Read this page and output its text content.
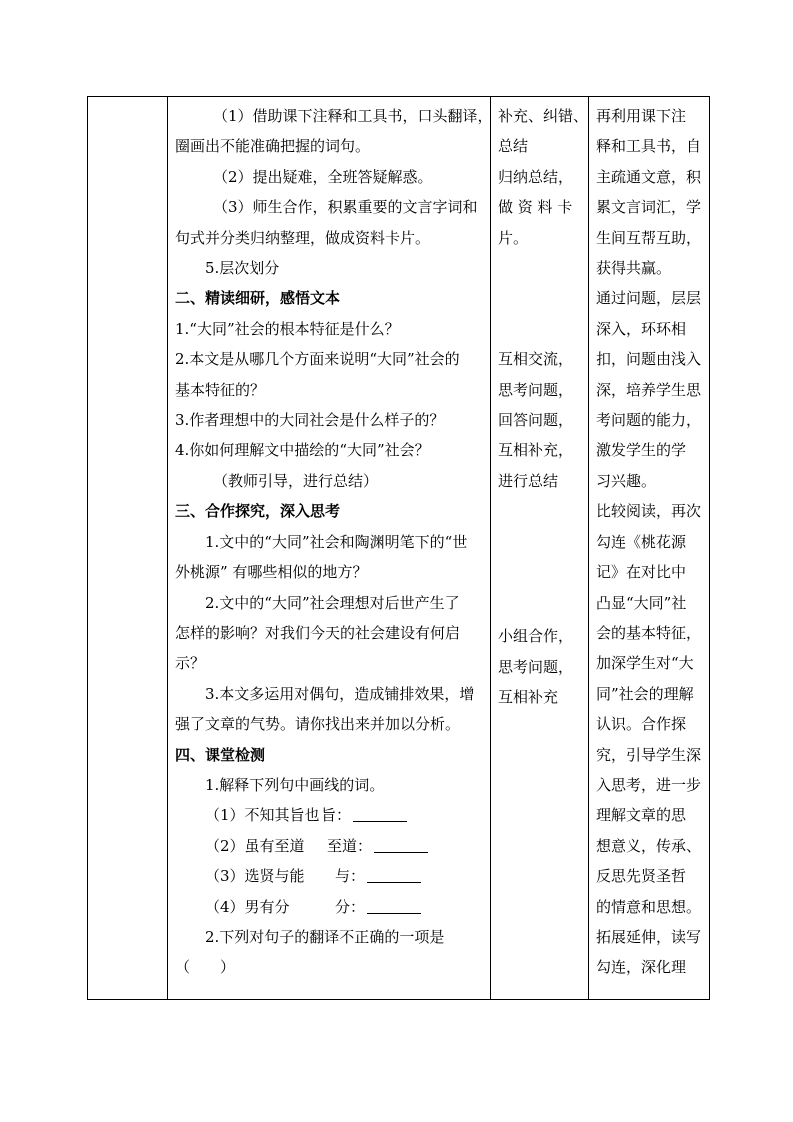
（1）借助课下注释和工具书，口头翻译，
圈画出不能准确把握的词句。
（2）提出疑难，全班答疑解惑。
（3）师生合作，积累重要的文言字词和
句式并分类归纳整理，做成资料卡片。
5.层次划分
二、精读细研，感悟文本
1.“大同”社会的根本特征是什么？
2.本文是从哪几个方面来说明“大同”社会的
基本特征的？
3.作者理想中的大同社会是什么样子的？
4.你如何理解文中描绘的“大同”社会？
（教师引导，进行总结）
三、合作探究，深入思考
1.文中的“大同”社会和陶渊明笔下的“世
外桃源” 有哪些相似的地方？
2.文中的“大同”社会理想对后世产生了
怎样的影响？对我们今天的社会建设有何启
示？
3.本文多运用对偶句，造成铺排效果，增
强了文章的气势。请你找出来并加以分析。
四、课堂检测
1.解释下列句中画线的词。
（1）不知其旨也旨：
（2）虽有至道 至道：
（3）选贤与能 与：
（4）男有分	分：
2.下列对句子的翻译不正确的一项是
（　　）

补充、纠错、
总结
归纳总结，
做 资 料 卡
片。
互相交流，
思考问题，
回答问题，
互相补充，
进行总结
小组合作，
思考问题，
互相补充

再利用课下注
释和工具书，自
主疏通文意，积
累文言词汇，学
生间互帮互助，
获得共赢。
通过问题，层层
深入，环环相
扣，问题由浅入
深，培养学生思
考问题的能力，
激发学生的学
习兴趣。
比较阅读，再次
勾连《桃花源
记》在对比中
凸显“大同”社
会的基本特征，
加深学生对“大
同”社会的理解
认识。合作探
究，引导学生深
入思考，进一步
理解文章的思
想意义，传承、
反思先贤圣哲
的情意和思想。
拓展延伸，读写
勾连，深化理
